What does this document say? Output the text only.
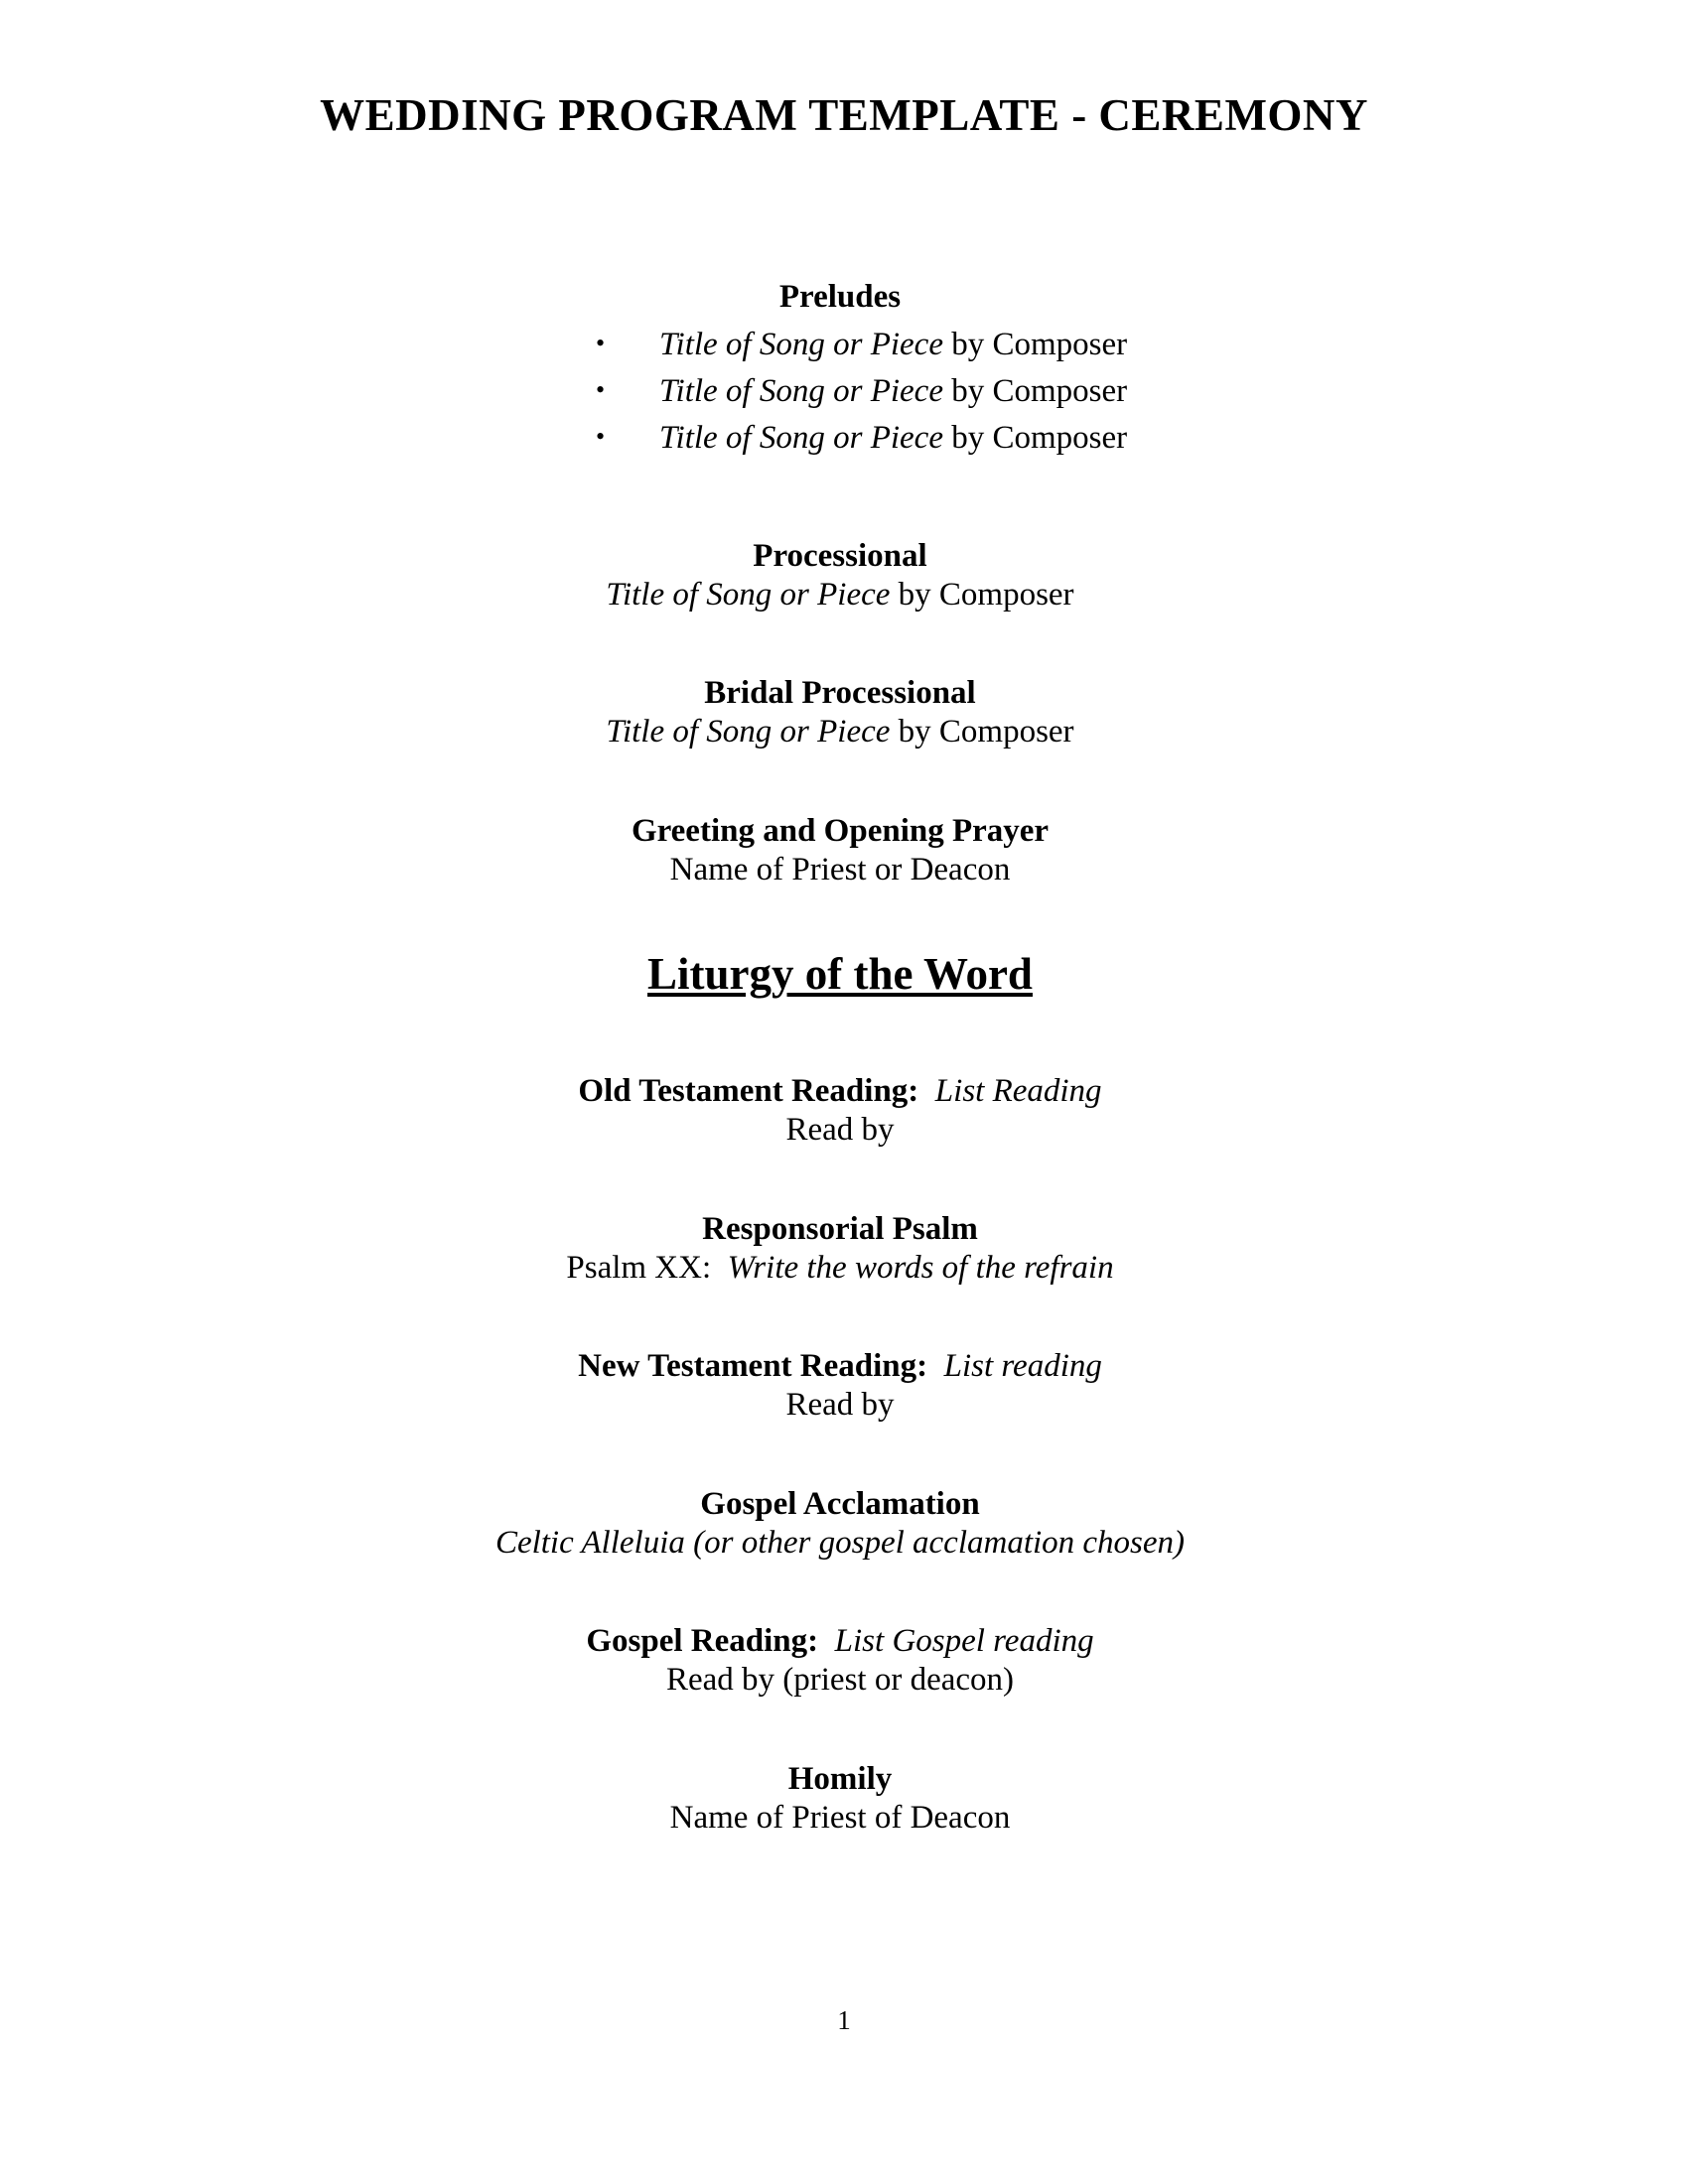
WEDDING PROGRAM TEMPLATE - CEREMONY
Preludes
• Title of Song or Piece by Composer
• Title of Song or Piece by Composer
• Title of Song or Piece by Composer
Processional
Title of Song or Piece by Composer
Bridal Processional
Title of Song or Piece by Composer
Greeting and Opening Prayer
Name of Priest or Deacon
Liturgy of the Word
Old Testament Reading: List Reading
Read by
Responsorial Psalm
Psalm XX: Write the words of the refrain
New Testament Reading: List reading
Read by
Gospel Acclamation
Celtic Alleluia (or other gospel acclamation chosen)
Gospel Reading: List Gospel reading
Read by (priest or deacon)
Homily
Name of Priest of Deacon
1
